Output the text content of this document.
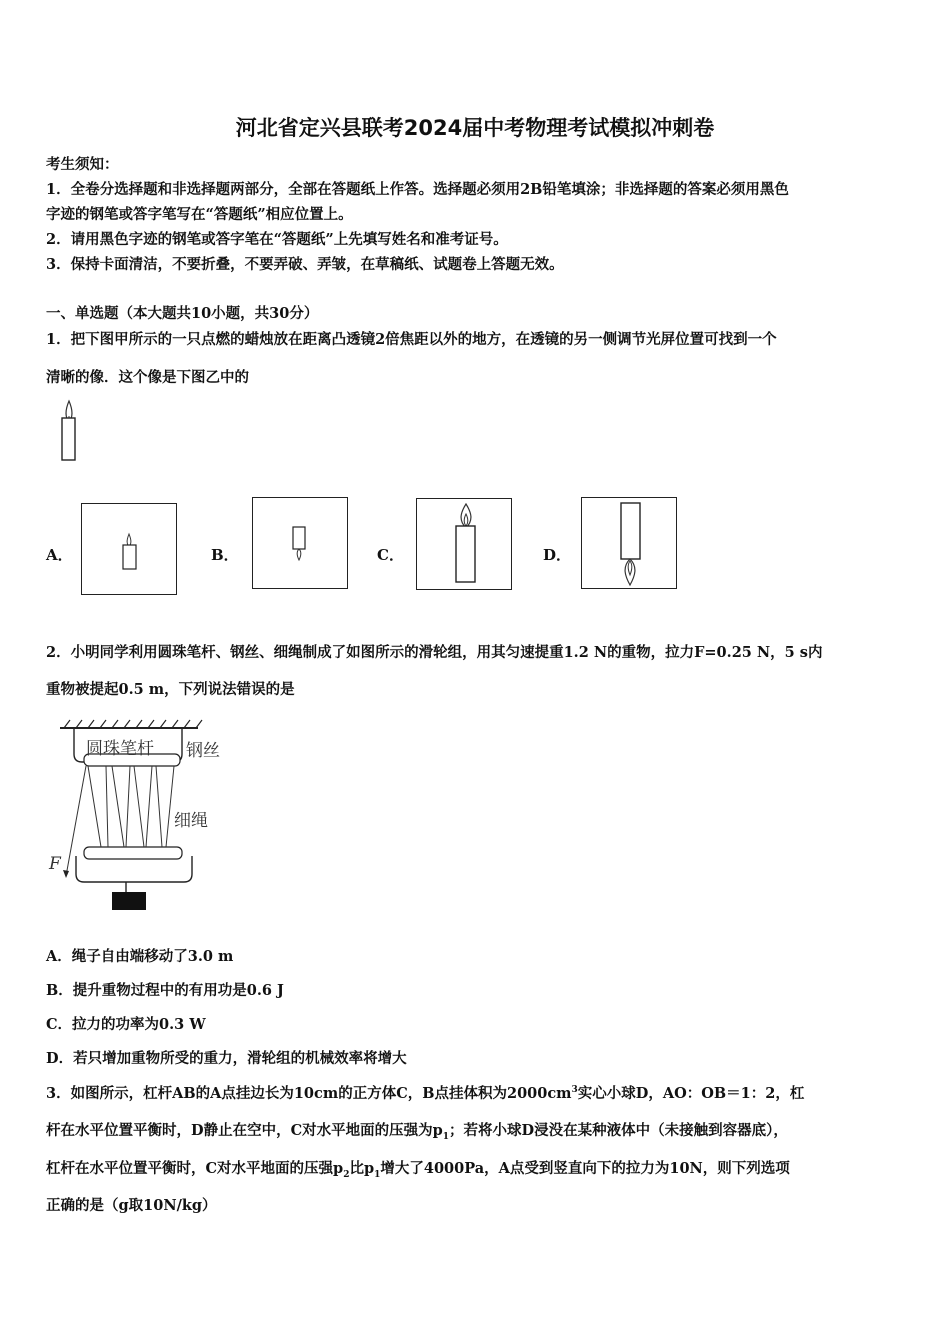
河北省定兴县联考2024届中考物理考试模拟冲刺卷
考生须知：
1．全卷分选择题和非选择题两部分，全部在答题纸上作答。选择题必须用2B铅笔填涂；非选择题的答案必须用黑色
字迹的钢笔或答字笔写在“答题纸”相应位置上。
2．请用黑色字迹的钢笔或答字笔在“答题纸”上先填写姓名和准考证号。
3．保持卡面清洁，不要折叠，不要弄破、弄皱，在草稿纸、试题卷上答题无效。
一、单选题（本大题共10小题，共30分）
1．把下图甲所示的一只点燃的蜡烛放在距离凸透镜2倍焦距以外的地方，在透镜的另一侧调节光屏位置可找到一个
清晰的像．这个像是下图乙中的
A．	B．	C．	D．
2．小明同学利用圆珠笔杆、钢丝、细绳制成了如图所示的滑轮组，用其匀速提重1.2 N的重物，拉力F=0.25 N，5 s内
重物被提起0.5 m，下列说法错误的是
圆珠笔杆 钢丝
细绳
F
A．绳子自由端移动了3.0 m
B．提升重物过程中的有用功是0.6 J
C．拉力的功率为0.3 W
D．若只增加重物所受的重力，滑轮组的机械效率将增大
3．如图所示，杠杆AB的A点挂边长为10cm的正方体C，B点挂体积为$2000cm^3$实心小球D，AO：OB＝1：2，杠
杆在水平位置平衡时，D静止在空中，C对水平地面的压强为$p_1$；若将小球D浸没在某种液体中（未接触到容器底），
杠杆在水平位置平衡时，C对水平地面的压强$p_2$比$p_1$增大了4000Pa，A点受到竖直向下的拉力为10N，则下列选项
正确的是（g取10N/kg）
